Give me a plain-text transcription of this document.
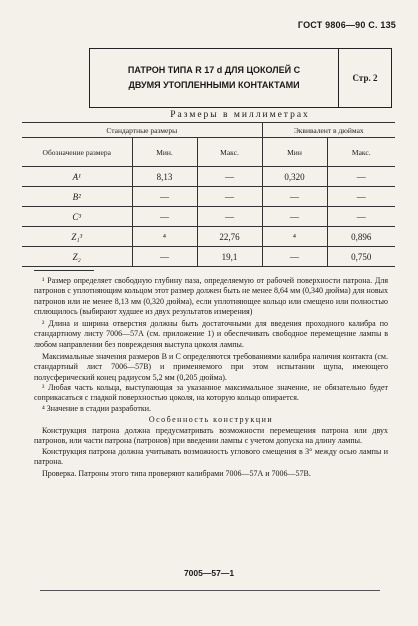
ГОСТ 9806—90 С. 135
ПАТРОН ТИПА R 17 d ДЛЯ ЦОКОЛЕЙ С
ДВУМЯ УТОПЛЕННЫМИ КОНТАКТАМИ
Стр. 2
Размеры в миллиметрах
Стандартные размеры			Эквивалент в дюймах	
Обозначение размера	Мин.	Макс.	Мин	Макс.
A¹	8,13	—	0,320	—
B²	—	—	—	—
C³	—	—	—	—
Z₁³	⁴	22,76	⁴	0,896
Z₂	—	19,1	—	0,750

¹ Размер определяет свободную глубину паза, определяемую от рабочей поверхности патрона. Для патронов с уплотняющим кольцом этот размер должен быть не менее 8,64 мм (0,340 дюйма) для новых патронов или не менее 8,13 мм (0,320 дюйма), если уплотняющее кольцо или смещено или полностью сплющилось (выбирают худшее из двух результатов измерения)

² Длина и ширина отверстия должны быть достаточными для введения проходного калибра по стандартному листу 7006—57А (см. приложение 1) и обеспечивать свободное перемещение лампы в любом направлении без повреждения выступа цоколя лампы.

Максимальные значения размеров B и C определяются требованиями калибра наличия контакта (см. стандартный лист 7006—57В) и применяемого при этом испытании щупа, имеющего полусферический конец радиусом 5,2 мм (0,205 дюйма).

³ Любая часть кольца, выступающая за указанное максимальное значение, не обязательно будет соприкасаться с гладкой поверхностью цоколя, на которую кольцо опирается.

⁴ Значение в стадии разработки.

Особенность конструкции

Конструкция патрона должна предусматривать возможности перемещения патрона или двух патронов, или части патрона (патронов) при введении лампы с учетом допуска на длину лампы.

Конструкция патрона должна учитывать возможность углового смещения в 3° между осью лампы и патрона.

Проверка. Патроны этого типа проверяют калибрами 7006—57А и 7006—57В.

7005—57—1
